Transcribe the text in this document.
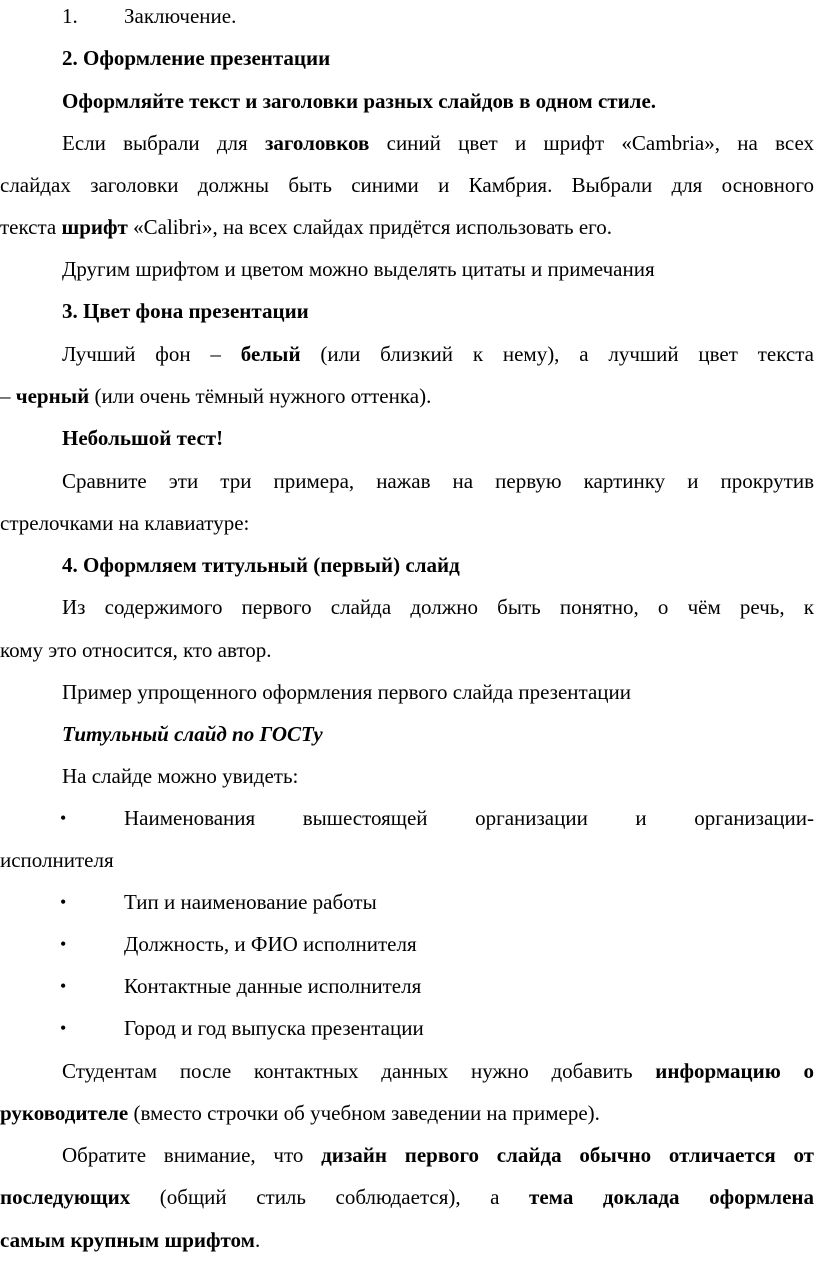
1. Заключение.
2. Оформление презентации
Оформляйте текст и заголовки разных слайдов в одном стиле.
Если выбрали для заголовков синий цвет и шрифт «Cambria», на всех
слайдах заголовки должны быть синими и Камбрия. Выбрали для основного
текста шрифт «Calibri», на всех слайдах придётся использовать его.
Другим шрифтом и цветом можно выделять цитаты и примечания
3. Цвет фона презентации
Лучший фон – белый (или близкий к нему), а лучший цвет текста
– черный (или очень тёмный нужного оттенка).
Небольшой тест!
Сравните эти три примера, нажав на первую картинку и прокрутив
стрелочками на клавиатуре:
4. Оформляем титульный (первый) слайд
Из содержимого первого слайда должно быть понятно, о чём речь, к
кому это относится, кто автор.
Пример упрощенного оформления первого слайда презентации
Титульный слайд по ГОСТу
На слайде можно увидеть:
•	Наименования вышестоящей организации и организации-
исполнителя
•	Тип и наименование работы
•	Должность, и ФИО исполнителя
•	Контактные данные исполнителя
•	Город и год выпуска презентации
Студентам после контактных данных нужно добавить информацию о
руководителе (вместо строчки об учебном заведении на примере).
Обратите внимание, что дизайн первого слайда обычно отличается от
последующих (общий стиль соблюдается), а тема доклада оформлена
самым крупным шрифтом.
